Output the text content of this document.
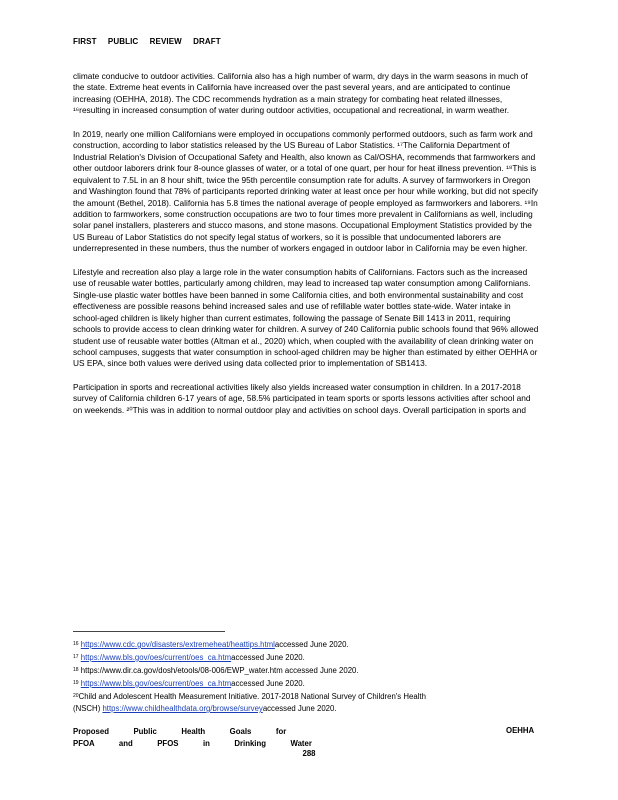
FIRST PUBLIC REVIEW DRAFT

climate conducive to outdoor activities. California also has a high number of warm, dry days in the warm seasons in much of the state. Extreme heat events in California have increased over the past several years, and are anticipated to continue increasing (OEHHA, 2018). The CDC recommends hydration as a main strategy for combating heat related illnesses, ¹⁶resulting in increased consumption of water during outdoor activities, occupational and recreational, in warm weather.

In 2019, nearly one million Californians were employed in occupations commonly performed outdoors, such as farm work and construction, according to labor statistics released by the US Bureau of Labor Statistics. ¹⁷The California Department of Industrial Relation's Division of Occupational Safety and Health, also known as Cal/OSHA, recommends that farmworkers and other outdoor laborers drink four 8-ounce glasses of water, or a total of one quart, per hour for heat illness prevention. ¹⁸This is equivalent to 7.5L in an 8 hour shift, twice the 95th percentile consumption rate for adults. A survey of farmworkers in Oregon and Washington found that 78% of participants reported drinking water at least once per hour while working, but did not specify the amount (Bethel, 2018). California has 5.8 times the national average of people employed as farmworkers and laborers. ¹⁹In addition to farmworkers, some construction occupations are two to four times more prevalent in Californians as well, including solar panel installers, plasterers and stucco masons, and stone masons. Occupational Employment Statistics provided by the US Bureau of Labor Statistics do not specify legal status of workers, so it is possible that undocumented laborers are underrepresented in these numbers, thus the number of workers engaged in outdoor labor in California may be even higher.

Lifestyle and recreation also play a large role in the water consumption habits of Californians. Factors such as the increased use of reusable water bottles, particularly among children, may lead to increased tap water consumption among Californians. Single-use plastic water bottles have been banned in some California cities, and both environmental sustainability and cost effectiveness are possible reasons behind increased sales and use of refillable water bottles state-wide. Water intake in school-aged children is likely higher than current estimates, following the passage of Senate Bill 1413 in 2011, requiring schools to provide access to clean drinking water for children. A survey of 240 California public schools found that 96% allowed student use of reusable water bottles (Altman et al., 2020) which, when coupled with the availability of clean drinking water on school campuses, suggests that water consumption in school-aged children may be higher than estimated by either OEHHA or US EPA, since both values were derived using data collected prior to implementation of SB1413.

Participation in sports and recreational activities likely also yields increased water consumption in children. In a 2017-2018 survey of California children 6-17 years of age, 58.5% participated in team sports or sports lessons activities after school and on weekends. ²⁰This was in addition to normal outdoor play and activities on school days. Overall participation in sports and

$^{16}$ https://www.cdc.gov/disasters/extremeheat/heattips.htmlaccessed June 2020.
$^{17}$ https://www.bls.gov/oes/current/oes_ca.htmaccessed June 2020.
$^{18}$ https://www.dir.ca.gov/dosh/etools/08-006/EWP_water.htm accessed June 2020.
$^{19}$ https://www.bls.gov/oes/current/oes_ca.htmaccessed June 2020.
$^{20}$Child and Adolescent Health Measurement Initiative. 2017-2018 National Survey of Children's Health
(NSCH) https://www.childhealthdata.org/browse/surveyaccessed June 2020.
Proposed   Public   Health   Goals   for
PFOA   and   PFOS   in   Drinking   Water
OEHHA
288
